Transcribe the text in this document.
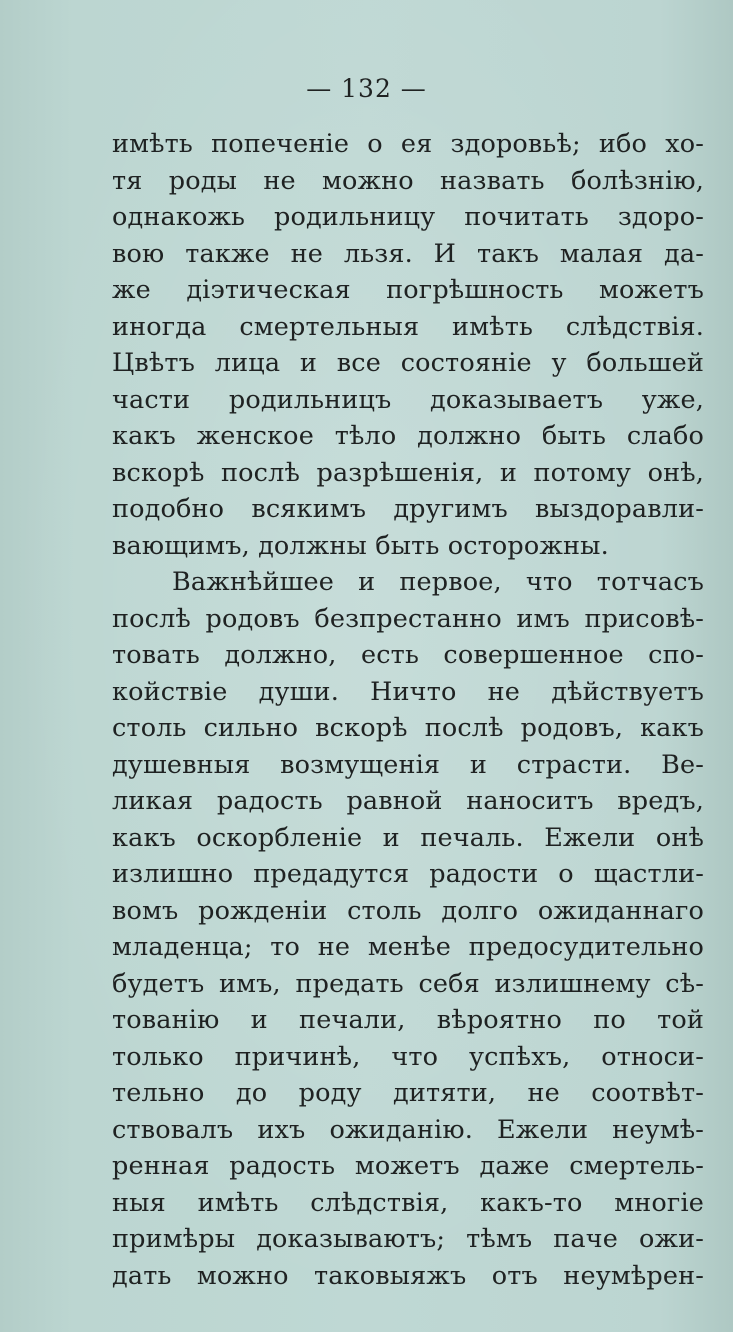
— 132 —
имѣть попеченіе о ея здоровьѣ; ибо хо-
тя роды не можно назвать болѣзнію,
однакожь родильницу почитать здоро-
вою также не льзя. И такъ малая да-
же діэтическая погрѣшность можетъ
иногда смертельныя имѣть слѣдствія.
Цвѣтъ лица и все состояніе у большей
части родильницъ доказываетъ уже,
какъ женское тѣло должно быть слабо
вскорѣ послѣ разрѣшенія, и потому онѣ,
подобно всякимъ другимъ выздоравли-
вающимъ, должны быть осторожны.
Важнѣйшее и первое, что тотчасъ
послѣ родовъ безпрестанно имъ присовѣ-
товать должно, есть совершенное спо-
койствіе души. Ничто не дѣйствуетъ
столь сильно вскорѣ послѣ родовъ, какъ
душевныя возмущенія и страсти. Ве-
ликая радость равной наноситъ вредъ,
какъ оскорбленіе и печаль. Ежели онѣ
излишно предадутся радости о щастли-
вомъ рожденіи столь долго ожиданнаго
младенца; то не менѣе предосудительно
будетъ имъ, предать себя излишнему сѣ-
тованію и печали, вѣроятно по той
только причинѣ, что успѣхъ, относи-
тельно до роду дитяти, не соотвѣт-
ствовалъ ихъ ожиданію. Ежели неумѣ-
ренная радость можетъ даже смертель-
ныя имѣть слѣдствія, какъ-то многіе
примѣры доказываютъ; тѣмъ паче ожи-
дать можно таковыяжъ отъ неумѣрен-
